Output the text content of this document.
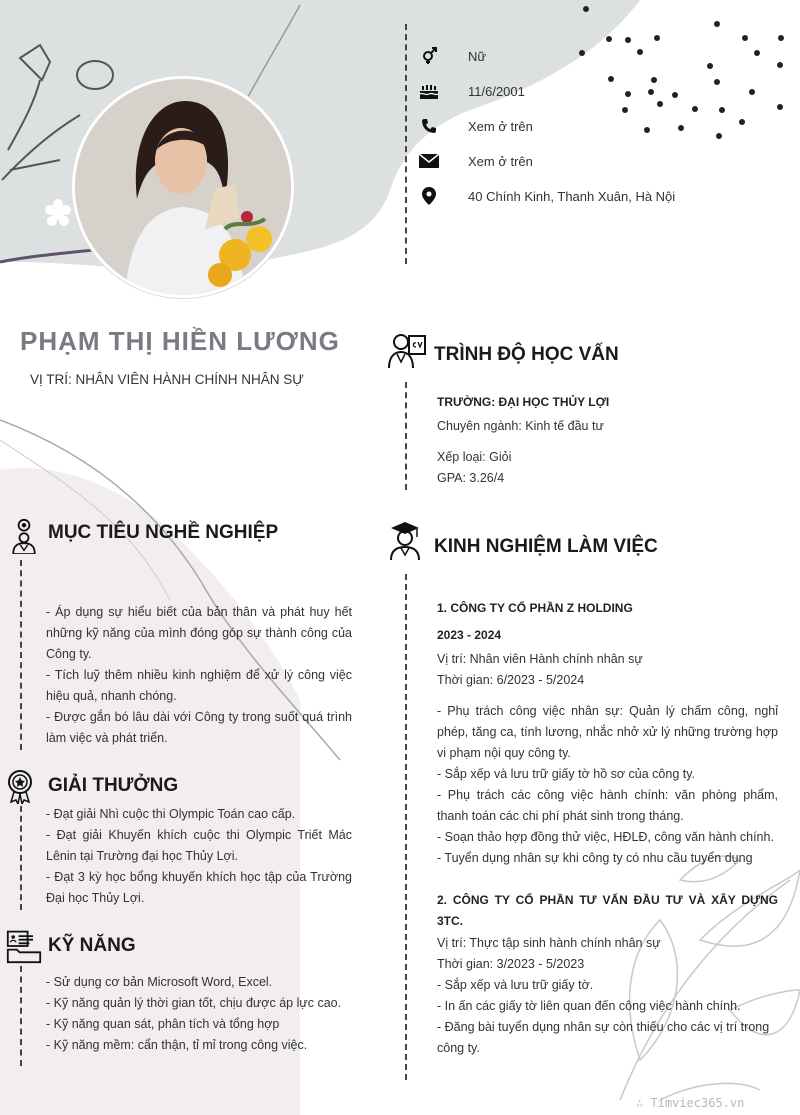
Nữ
11/6/2001
Xem ở trên
Xem ở trên
40 Chính Kinh, Thanh Xuân, Hà Nội
PHẠM THỊ HIỀN LƯƠNG
VỊ TRÍ: NHÂN VIÊN HÀNH CHÍNH NHÂN SỰ
MỤC TIÊU NGHỀ NGHIỆP
- Áp dụng sự hiểu biết của bản thân và phát huy hết những kỹ năng của mình đóng góp sự thành công của Công ty.
- Tích luỹ thêm nhiều kinh nghiệm để xử lý công việc hiệu quả, nhanh chóng.
- Được gắn bó lâu dài với Công ty trong suốt quá trình làm việc và phát triển.
GIẢI THƯỞNG
- Đạt giải Nhì cuộc thi Olympic Toán cao cấp.
- Đạt giải Khuyến khích cuộc thi Olympic Triết Mác Lênin tại Trường đại học Thủy Lợi.
- Đạt 3 kỳ học bổng khuyến khích học tập của Trường Đại học Thủy Lợi.
KỸ NĂNG
- Sử dụng cơ bản Microsoft Word, Excel.
- Kỹ năng quản lý thời gian tốt, chịu được áp lực cao.
- Kỹ năng quan sát, phân tích và tổng hợp
- Kỹ năng mềm: cẩn thận, tỉ mỉ trong công việc.
TRÌNH ĐỘ HỌC VẤN
TRƯỜNG: ĐẠI HỌC THỦY LỢI
Chuyên ngành: Kinh tế đầu tư
Xếp loại: Giỏi
GPA: 3.26/4
KINH NGHIỆM LÀM VIỆC
1. CÔNG TY CỔ PHẦN Z HOLDING
2023 - 2024
Vị trí: Nhân viên Hành chính nhân sự
Thời gian: 6/2023 - 5/2024
- Phụ trách công việc nhân sự: Quản lý chấm công, nghỉ phép, tăng ca, tính lương, nhắc nhở xử lý những trường hợp vi phạm nội quy công ty.
- Sắp xếp và lưu trữ giấy tờ hồ sơ của công ty.
- Phụ trách các công việc hành chính: văn phòng phẩm, thanh toán các chi phí phát sinh trong tháng.
- Soạn thảo hợp đồng thử việc, HĐLĐ, công văn hành chính.
- Tuyển dụng nhân sự khi công ty có nhu cầu tuyển dụng
2. CÔNG TY CỔ PHẦN TƯ VẤN ĐẦU TƯ VÀ XÂY DỰNG 3TC.
Vị trí: Thực tập sinh hành chính nhân sự
Thời gian: 3/2023 - 5/2023
- Sắp xếp và lưu trữ giấy tờ.
- In ấn các giấy tờ liên quan đến công việc hành chính.
- Đăng bài tuyển dụng nhân sự còn thiếu cho các vị trí trong công ty.
∴ Timviec365.vn
